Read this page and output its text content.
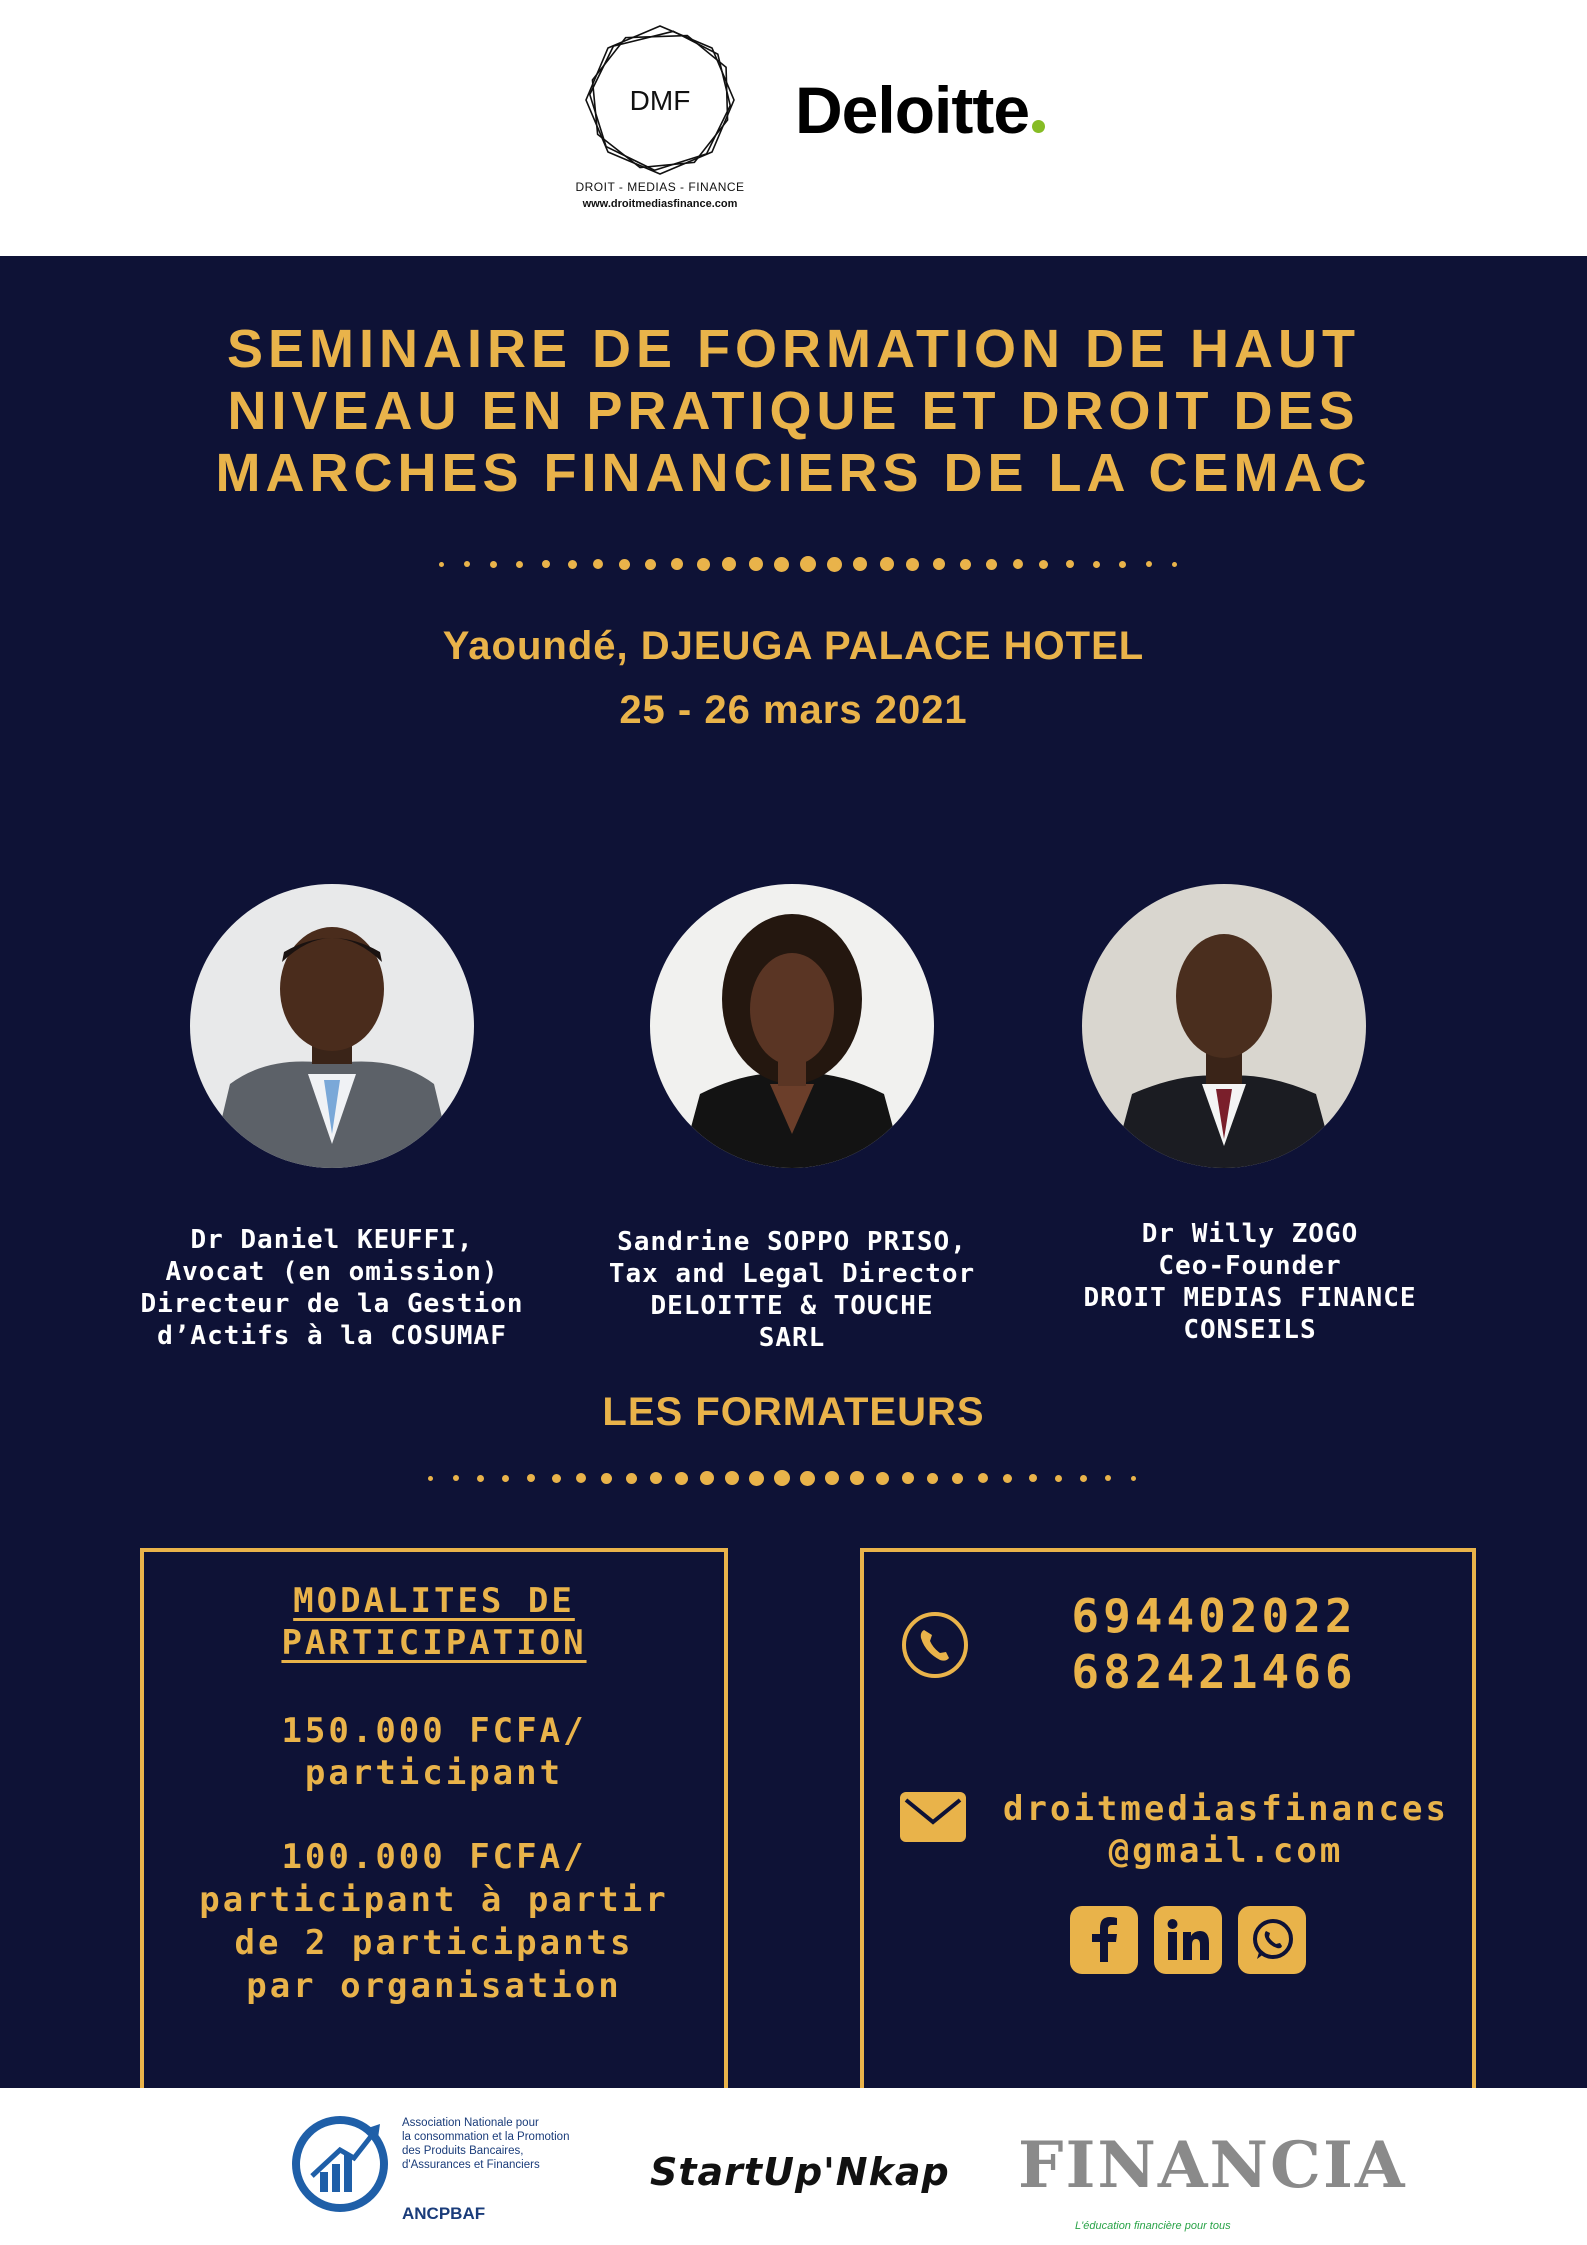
DMF
DROIT - MEDIAS - FINANCE
www.droitmediasfinance.com
Deloitte
SEMINAIRE DE FORMATION DE HAUT
NIVEAU EN PRATIQUE ET DROIT DES
MARCHES FINANCIERS DE LA CEMAC
Yaoundé, DJEUGA PALACE HOTEL
25 - 26 mars 2021
Dr Daniel KEUFFI,
Avocat (en omission)
Directeur de la Gestion
d’Actifs à la COSUMAF
Sandrine SOPPO PRISO,
Tax and Legal Director
DELOITTE & TOUCHE
SARL
Dr Willy ZOGO
Ceo-Founder
DROIT MEDIAS FINANCE
CONSEILS
LES FORMATEURS
MODALITES DE
PARTICIPATION
150.000 FCFA/
participant
100.000 FCFA/
participant à partir
de 2 participants
par organisation
694402022
682421466
droitmediasfinances
@gmail.com
Association Nationale pour
la consommation et la Promotion
des Produits Bancaires,
d'Assurances et Financiers
ANCPBAF
StartUp'Nkap FINANCIA
L'éducation financière pour tous
